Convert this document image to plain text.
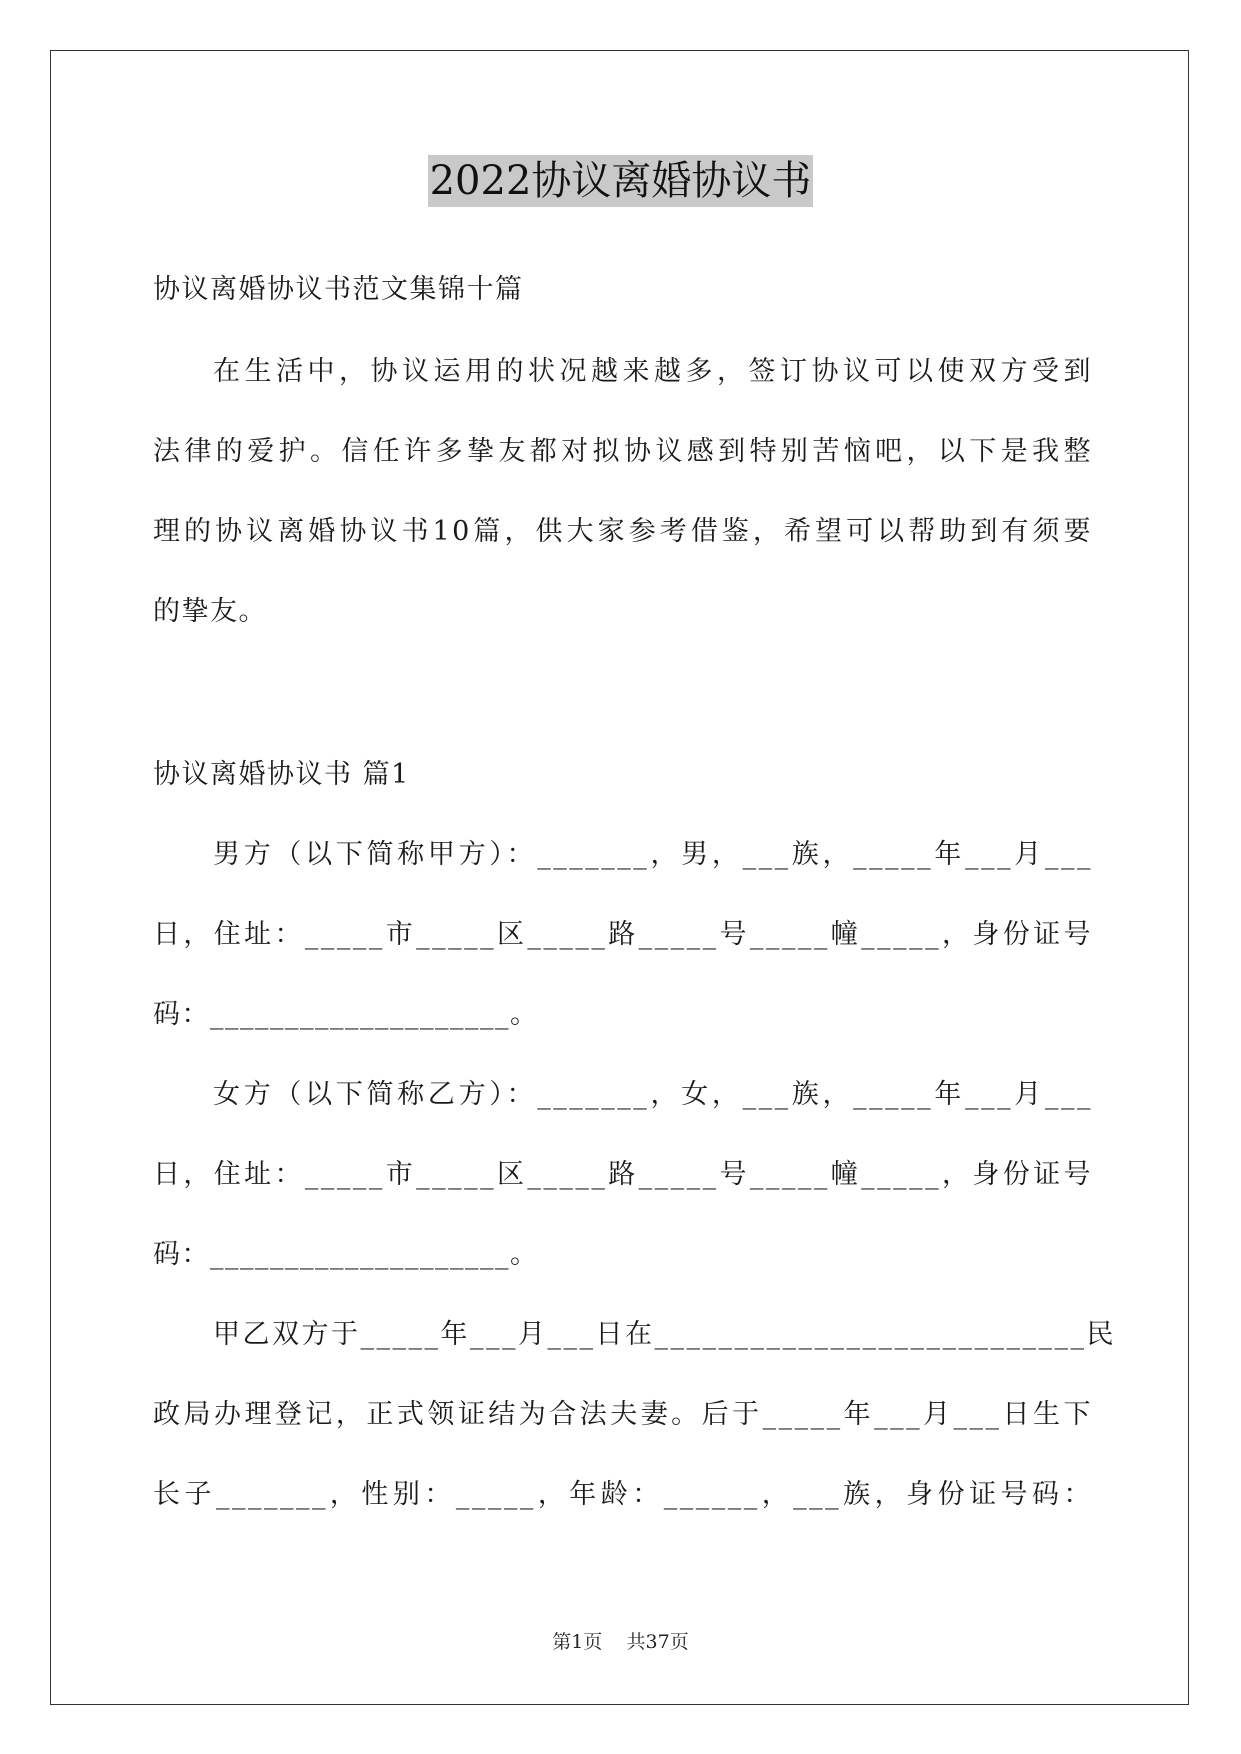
2022协议离婚协议书
协议离婚协议书范文集锦十篇
在生活中，协议运用的状况越来越多，签订协议可以使双方受到
法律的爱护。信任许多挚友都对拟协议感到特别苦恼吧，以下是我整
理的协议离婚协议书10篇，供大家参考借鉴，希望可以帮助到有须要
的挚友。
协议离婚协议书 篇1
男方（以下简称甲方）：_______，男，___族，_____年___月___
日，住址：_____市_____区_____路_____号_____幢_____，身份证号
码：____________________。
女方（以下简称乙方）：_______，女，___族，_____年___月___
日，住址：_____市_____区_____路_____号_____幢_____，身份证号
码：____________________。
甲乙双方于_____年___月___日在___________________________民
政局办理登记，正式领证结为合法夫妻。后于_____年___月___日生下
长子_______，性别：_____，年龄：______，___族，身份证号码：
第1页 共37页
